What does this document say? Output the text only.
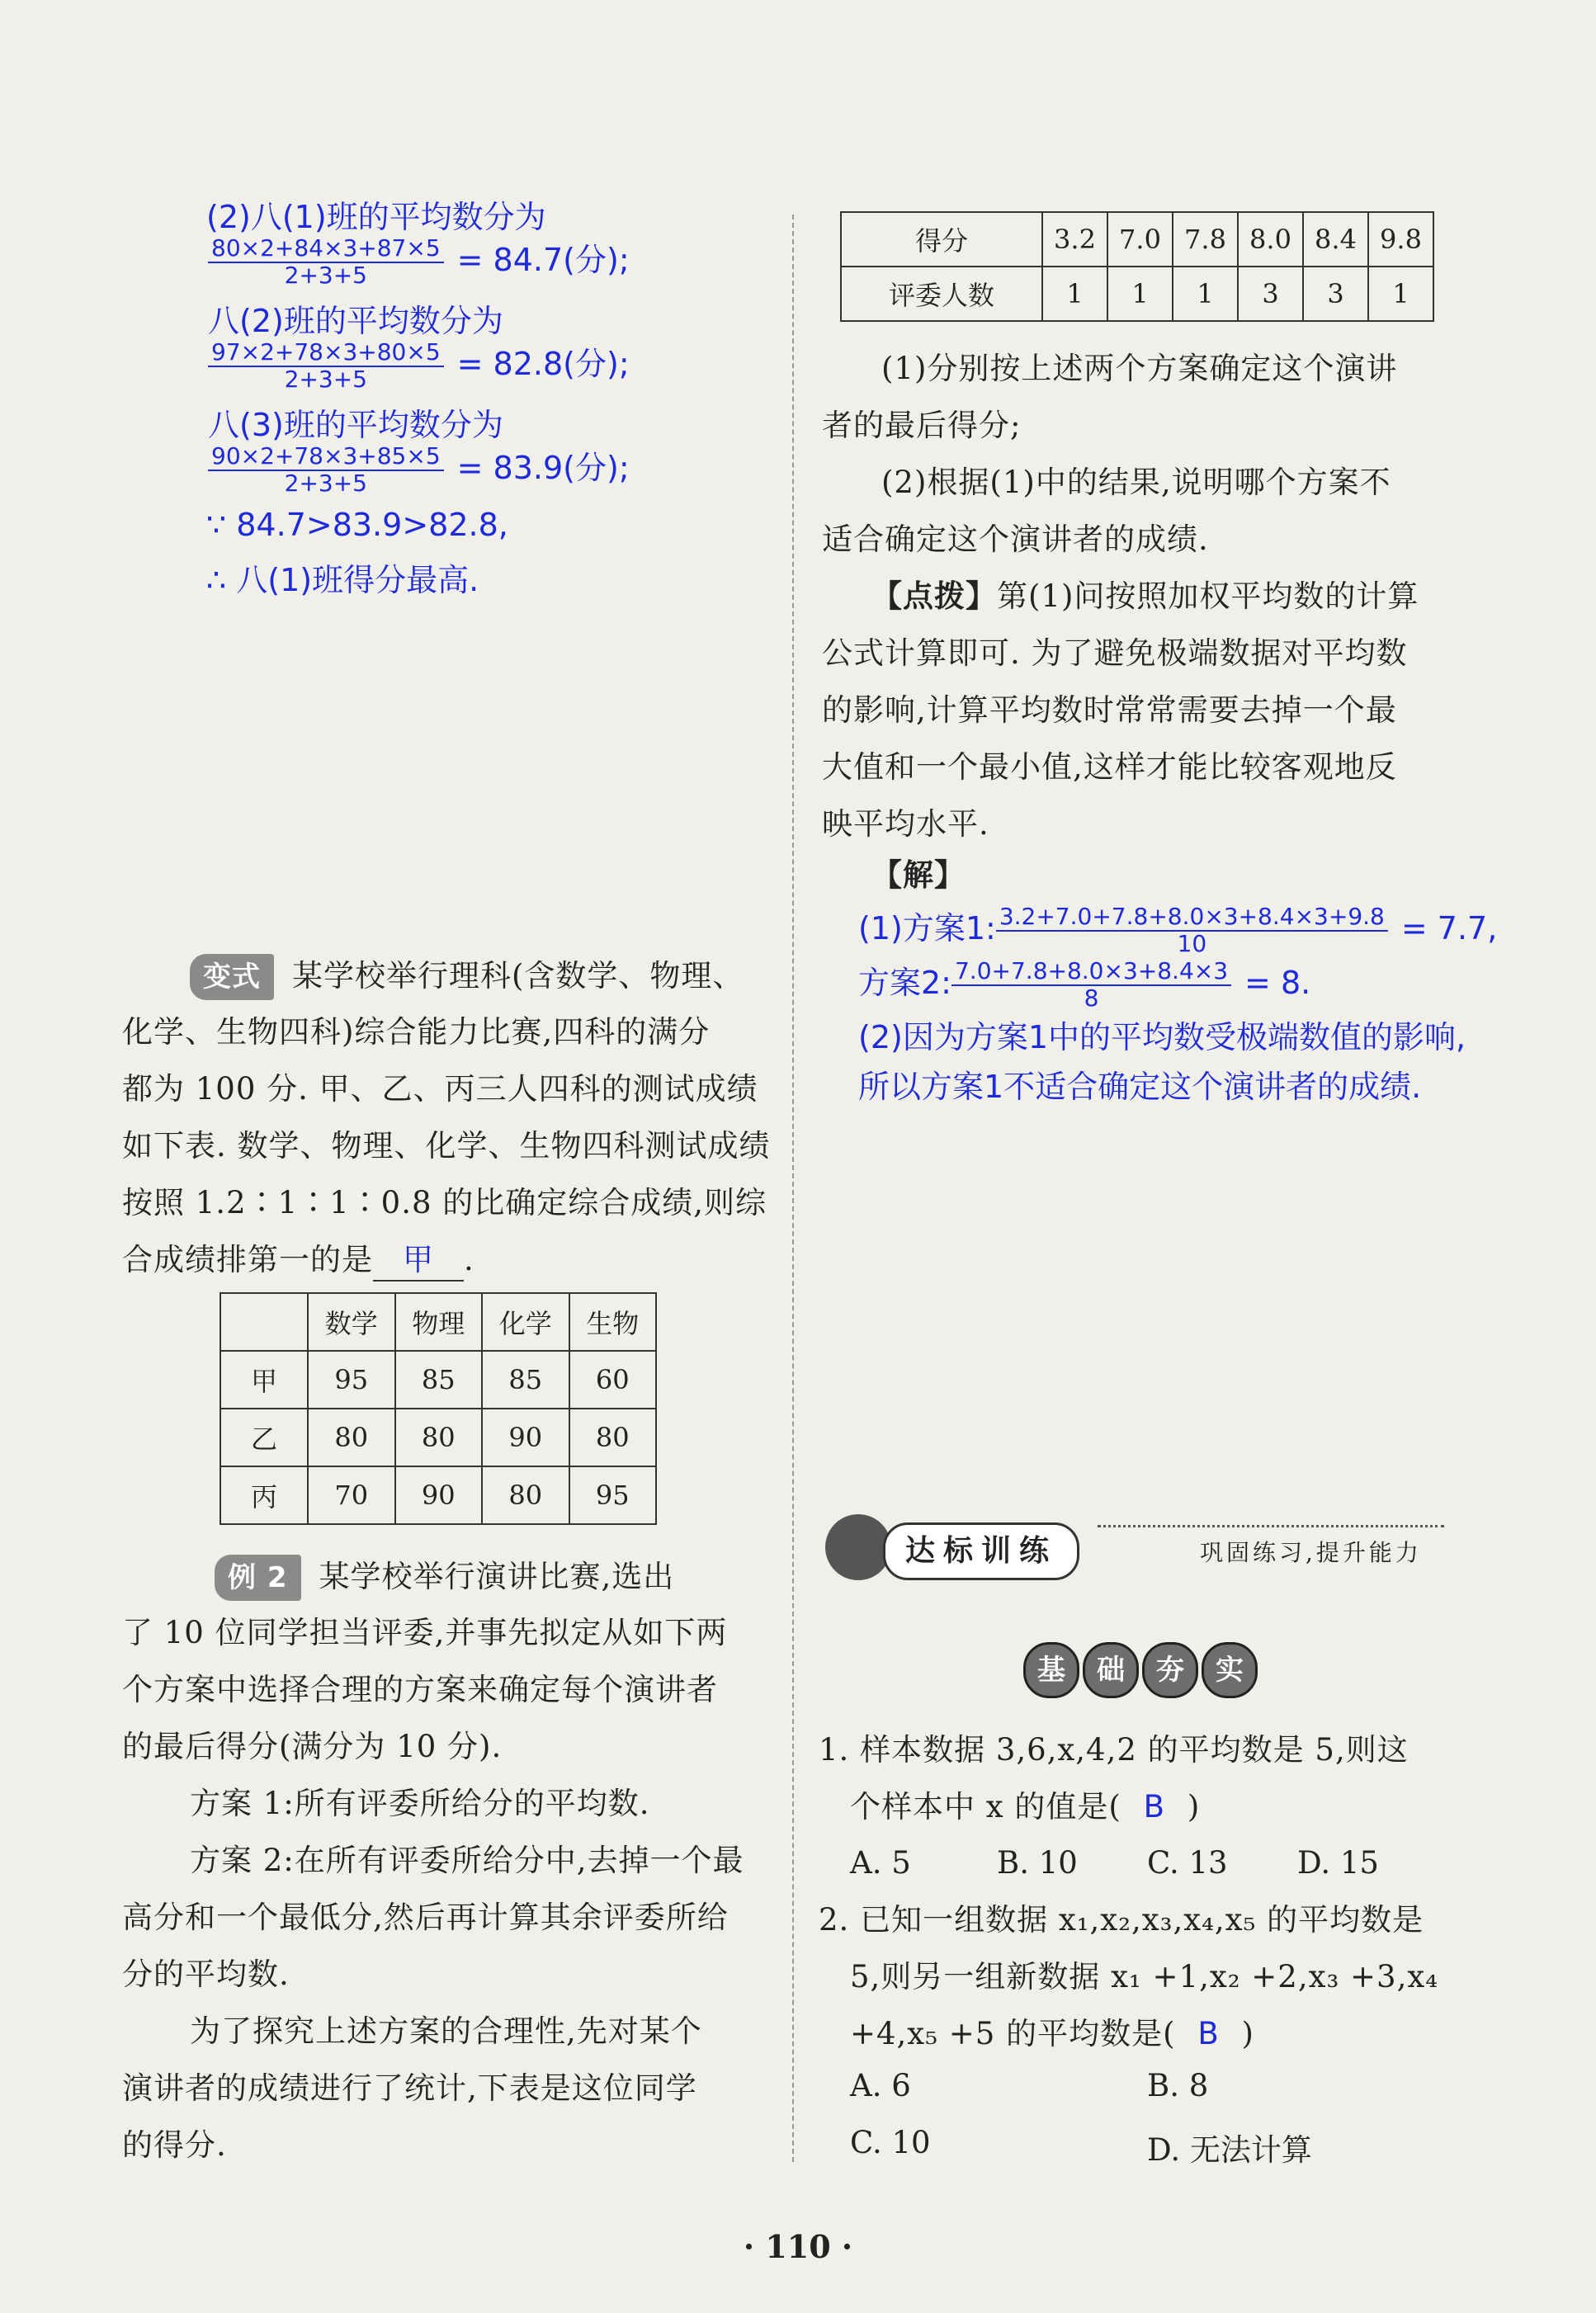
(2)八(1)班的平均数分为
$\frac{80\times 2+84\times 3+87\times 5}{2+3+5} = 84.7$(分);
八(2)班的平均数分为
$\frac{97\times 2+78\times 3+80\times 5}{2+3+5} = 82.8$(分);
八(3)班的平均数分为
$\frac{90\times 2+78\times 3+85\times 5}{2+3+5} = 83.9$(分);
∵ 84.7>83.9>82.8,
∴ 八(1)班得分最高.
变式 某学校举行理科(含数学、物理、
化学、生物四科)综合能力比赛,四科的满分
都为 100 分. 甲、乙、丙三人四科的测试成绩
如下表. 数学、物理、化学、生物四科测试成绩
按照 1.2∶1∶1∶0.8 的比确定综合成绩,则综
合成绩排第一的是 甲 .
	数学	物理	化学	生物
甲	95	85	85	60
乙	80	80	90	80
丙	70	90	80	95
例 2 某学校举行演讲比赛,选出
了 10 位同学担当评委,并事先拟定从如下两
个方案中选择合理的方案来确定每个演讲者
的最后得分(满分为 10 分).
方案 1:所有评委所给分的平均数.
方案 2:在所有评委所给分中,去掉一个最
高分和一个最低分,然后再计算其余评委所给
分的平均数.
为了探究上述方案的合理性,先对某个
演讲者的成绩进行了统计,下表是这位同学
的得分.
得分	3.2	7.0	7.8	8.0	8.4	9.8
评委人数	1	1	1	3	3	1
(1)分别按上述两个方案确定这个演讲
者的最后得分;
(2)根据(1)中的结果,说明哪个方案不
适合确定这个演讲者的成绩.
【点拨】第(1)问按照加权平均数的计算
公式计算即可. 为了避免极端数据对平均数
的影响,计算平均数时常常需要去掉一个最
大值和一个最小值,这样才能比较客观地反
映平均水平.
【解】
(1)方案1: $\frac{3.2+7.0+7.8+8.0\times 3+8.4\times 3+9.8}{10} = 7.7$,
方案2: $\frac{7.0+7.8+8.0\times 3+8.4\times 3}{8} = 8$.
(2)因为方案1中的平均数受极端数值的影响,
所以方案1不适合确定这个演讲者的成绩.
达标训练	巩固练习,提升能力
基 础 夯 实
1. 样本数据 3,6,x,4,2 的平均数是 5,则这
个样本中 x 的值是( B )
A. 5	B. 10 C. 13 D. 15
2. 已知一组数据 x₁,x₂,x₃,x₄,x₅ 的平均数是
5,则另一组新数据 x₁ +1,x₂ +2,x₃ +3,x₄
+4,x₅ +5 的平均数是( B )
A. 6	B. 8
C. 10	D. 无法计算
· 110 ·
